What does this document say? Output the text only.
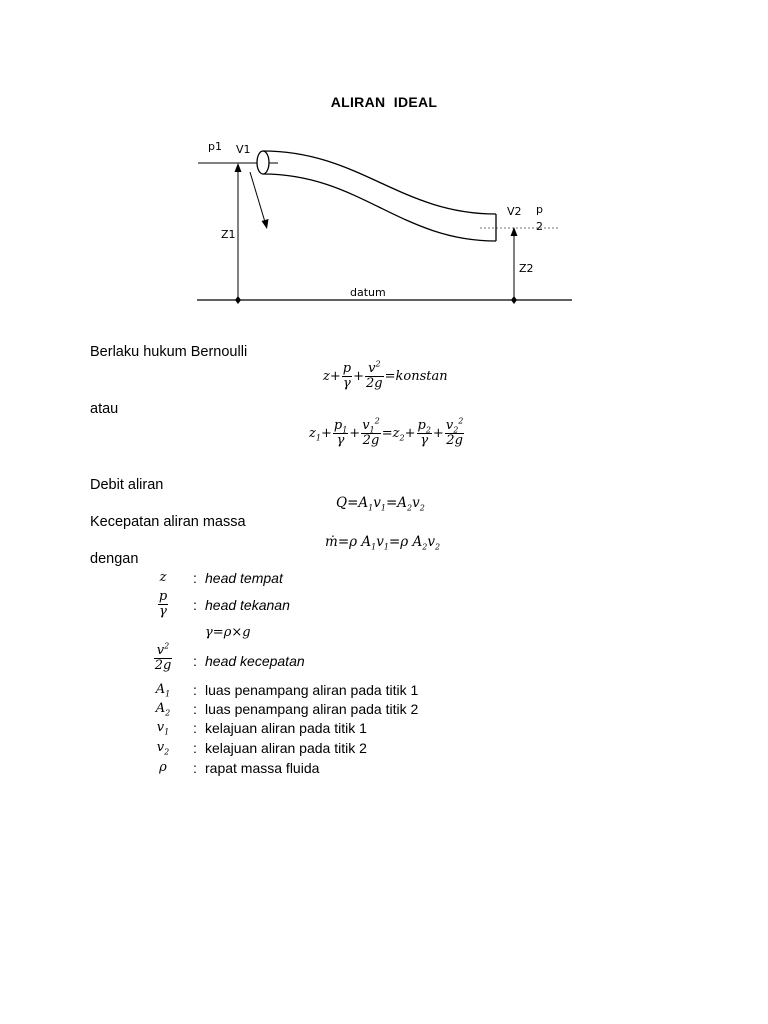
ALIRAN  IDEAL
p1 V1
Z1
V2 p
2
Z2
datum
Berlaku hukum Bernoulli
atau
Debit aliran
Kecepatan aliran massa
dengan
$z+ \frac{p}{\gamma} + \frac{v^2}{2g}$ =konstan
$z_1+ \frac{p_1}{\gamma} + \frac{v_1^2}{2g} =z_2+ \frac{p_2}{\gamma} + \frac{v_2^2}{2g}$
$Q=A_1v_1=A_2v_2$
ṁ=ρ $A_1v_1=\rho$ $A_2v_2$
z	: head tempat
$\frac{p}{\gamma}$ : head tekanan
γ=ρ×g
$\frac{v^2}{2g}$ : head kecepatan
$A_1$	: luas penampang aliran pada titik 1
$A_2$	: luas penampang aliran pada titik 2
$v_1$	: kelajuan aliran pada titik 1
$v_2$	: kelajuan aliran pada titik 2
ρ	: rapat massa fluida
